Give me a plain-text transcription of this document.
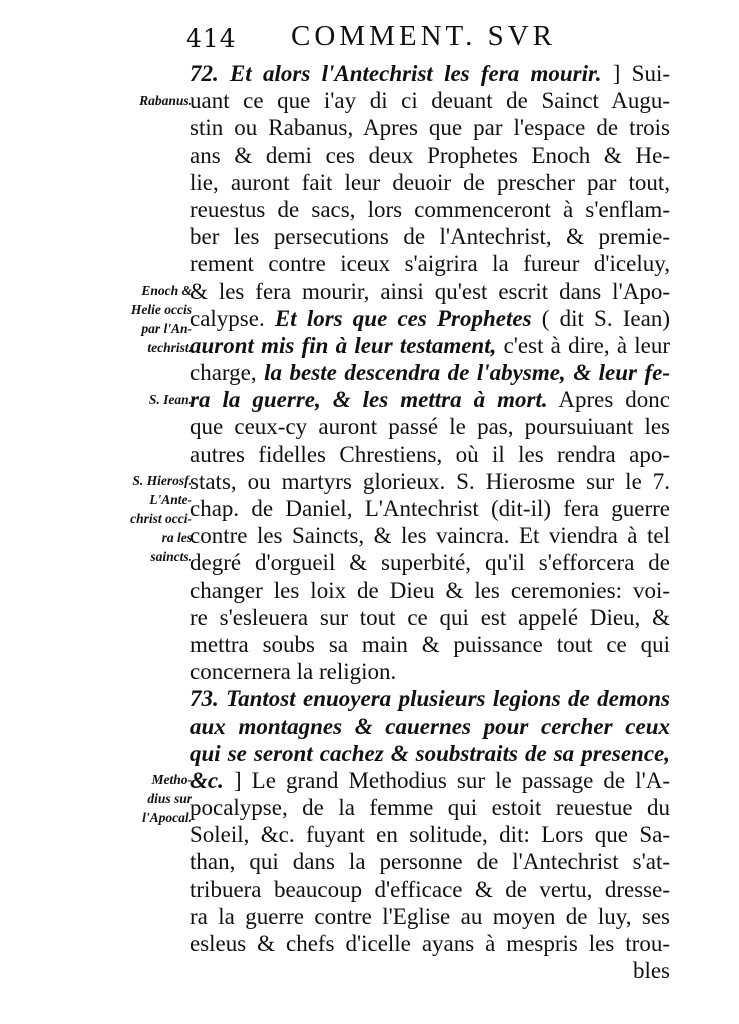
414 COMMENT. SVR
Rabanus.
Enoch &
Helie occis
par l'An-
techrist.
S. Iean.
S. Hierosf.
L'Ante-
christ occi-
ra les
saincts.
Metho-
dius sur
l'Apocal.
72. Et alors l'Antechrist les fera mourir. ] Sui-
uant ce que i'ay di ci deuant de Sainct Augu-
stin ou Rabanus, Apres que par l'espace de trois
ans & demi ces deux Prophetes Enoch & He-
lie, auront fait leur deuoir de prescher par tout,
reuestus de sacs, lors commenceront à s'enflam-
ber les persecutions de l'Antechrist, & premie-
rement contre iceux s'aigrira la fureur d'iceluy,
& les fera mourir, ainsi qu'est escrit dans l'Apo-
calypse. Et lors que ces Prophetes ( dit S. Iean)
auront mis fin à leur testament, c'est à dire, à leur
charge, la beste descendra de l'abysme, & leur fe-
ra la guerre, & les mettra à mort. Apres donc
que ceux-cy auront passé le pas, poursuiuant les
autres fidelles Chrestiens, où il les rendra apo-
stats, ou martyrs glorieux. S. Hierosme sur le 7.
chap. de Daniel, L'Antechrist (dit-il) fera guerre
contre les Saincts, & les vaincra. Et viendra à tel
degré d'orgueil & superbité, qu'il s'efforcera de
changer les loix de Dieu & les ceremonies: voi-
re s'esleuera sur tout ce qui est appelé Dieu, &
mettra soubs sa main & puissance tout ce qui
concernera la religion.
73. Tantost enuoyera plusieurs legions de demons
aux montagnes & cauernes pour cercher ceux
qui se seront cachez & soubstraits de sa presence,
&c. ] Le grand Methodius sur le passage de l'A-
pocalypse, de la femme qui estoit reuestue du
Soleil, &c. fuyant en solitude, dit: Lors que Sa-
than, qui dans la personne de l'Antechrist s'at-
tribuera beaucoup d'efficace & de vertu, dresse-
ra la guerre contre l'Eglise au moyen de luy, ses
esleus & chefs d'icelle ayans à mespris les trou-
bles
